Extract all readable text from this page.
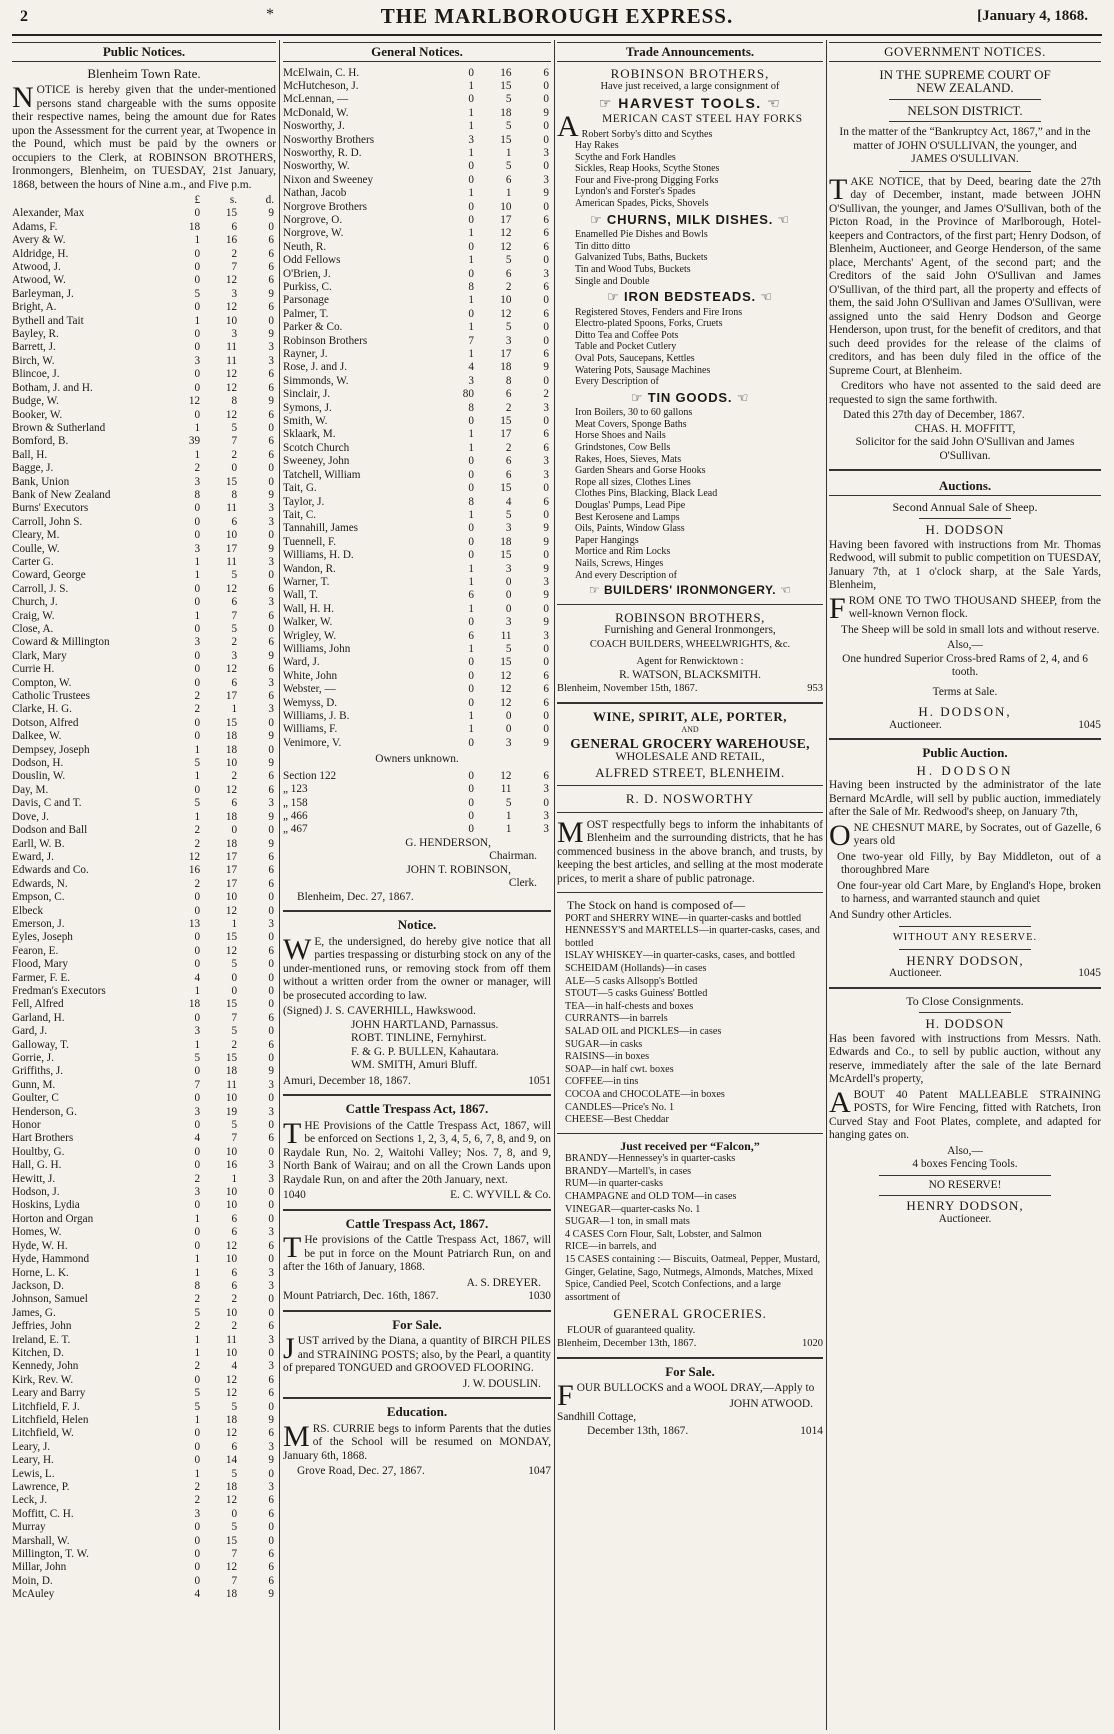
2	*	THE MARLBOROUGH EXPRESS.	[January 4, 1868.
Public Notices.
Blenheim Town Rate.
NOTICE is hereby given that the under-mentioned persons stand chargeable with the sums opposite their respective names, being the amount due for Rates upon the Assessment for the current year, at Twopence in the Pound, which must be paid by the owners or occupiers to the Clerk, at ROBINSON BROTHERS, Ironmongers, Blenheim, on TUESDAY, 21st January, 1868, between the hours of Nine a.m., and Five p.m.
	£	s.	d.
Alexander, Max	0	15	9
Adams, F.	18	6	0
Avery & W.	1	16	6
Aldridge, H.	0	2	6
Atwood, J.	0	7	6
Atwood, W.	0	12	6
Barleyman, J.	5	3	9
Bright, A.	0	12	6
Bythell and Tait	1	10	0
Bayley, R.	0	3	9
Barrett, J.	0	11	3
Birch, W.	3	11	3
Blincoe, J.	0	12	6
Botham, J. and H.	0	12	6
Budge, W.	12	8	9
Booker, W.	0	12	6
Brown & Sutherland	1	5	0
Bomford, B.	39	7	6
Ball, H.	1	2	6
Bagge, J.	2	0	0
Bank, Union	3	15	0
Bank of New Zealand	8	8	9
Burns' Executors	0	11	3
Carroll, John S.	0	6	3
Cleary, M.	0	10	0
Coulle, W.	3	17	9
Carter G.	1	11	3
Coward, George	1	5	0
Carroll, J. S.	0	12	6
Church, J.	0	6	3
Craig, W.	1	7	6
Close, A.	0	5	0
Coward & Millington	3	2	6
Clark, Mary	0	3	9
Currie H.	0	12	6
Compton, W.	0	6	3
Catholic Trustees	2	17	6
Clarke, H. G.	2	1	3
Dotson, Alfred	0	15	0
Dalkee, W.	0	18	9
Dempsey, Joseph	1	18	0
Dodson, H.	5	10	9
Douslin, W.	1	2	6
Day, M.	0	12	6
Davis, C and T.	5	6	3
Dove, J.	1	18	9
Dodson and Ball	2	0	0
Earll, W. B.	2	18	9
Eward, J.	12	17	6
Edwards and Co.	16	17	6
Edwards, N.	2	17	6
Empson, C.	0	10	0
Elbeck	0	12	0
Emerson, J.	13	1	3
Eyles, Joseph	0	15	0
Fearon, E.	0	12	6
Flood, Mary	0	5	0
Farmer, F. E.	4	0	0
Fredman's Executors	1	0	0
Fell, Alfred	18	15	0
Garland, H.	0	7	6
Gard, J.	3	5	0
Galloway, T.	1	2	6
Gorrie, J.	5	15	0
Griffiths, J.	0	18	9
Gunn, M.	7	11	3
Goulter, C	0	10	0
Henderson, G.	3	19	3
Honor	0	5	0
Hart Brothers	4	7	6
Houltby, G.	0	10	0
Hall, G. H.	0	16	3
Hewitt, J.	2	1	3
Hodson, J.	3	10	0
Hoskins, Lydia	0	10	0
Horton and Organ	1	6	0
Homes, W.	0	6	3
Hyde, W. H.	0	12	6
Hyde, Hammond	1	10	0
Horne, L. K.	1	6	3
Jackson, D.	8	6	3
Johnson, Samuel	2	2	0
James, G.	5	10	0
Jeffries, John	2	2	6
Ireland, E. T.	1	11	3
Kitchen, D.	1	10	0
Kennedy, John	2	4	3
Kirk, Rev. W.	0	12	6
Leary and Barry	5	12	6
Litchfield, F. J.	5	5	0
Litchfield, Helen	1	18	9
Litchfield, W.	0	12	6
Leary, J.	0	6	3
Leary, H.	0	14	9
Lewis, L.	1	5	0
Lawrence, P.	2	18	3
Leck, J.	2	12	6
Moffitt, C. H.	3	0	6
Murray	0	5	0
Marshall, W.	0	15	0
Millington, T. W.	0	7	6
Millar, John	0	12	6
Moin, D.	0	7	6
McAuley	4	18	9
General Notices.
McElwain, C. H.	0	16	6
McHutcheson, J.	1	15	0
McLennan, —	0	5	0
McDonald, W.	1	18	9
Nosworthy, J.	1	5	0
Nosworthy Brothers	3	15	0
Nosworthy, R. D.	1	1	3
Nosworthy, W.	0	5	0
Nixon and Sweeney	0	6	3
Nathan, Jacob	1	1	9
Norgrove Brothers	0	10	0
Norgrove, O.	0	17	6
Norgrove, W.	1	12	6
Neuth, R.	0	12	6
Odd Fellows	1	5	0
O'Brien, J.	0	6	3
Purkiss, C.	8	2	6
Parsonage	1	10	0
Palmer, T.	0	12	6
Parker & Co.	1	5	0
Robinson Brothers	7	3	0
Rayner, J.	1	17	6
Rose, J. and J.	4	18	9
Simmonds, W.	3	8	0
Sinclair, J.	80	6	2
Symons, J.	8	2	3
Smith, W.	0	15	0
Sklaark, M.	1	17	6
Scotch Church	1	2	6
Sweeney, John	0	6	3
Tatchell, William	0	6	3
Tait, G.	0	15	0
Taylor, J.	8	4	6
Tait, C.	1	5	0
Tannahill, James	0	3	9
Tuennell, F.	0	18	9
Williams, H. D.	0	15	0
Wandon, R.	1	3	9
Warner, T.	1	0	3
Wall, T.	6	0	9
Wall, H. H.	1	0	0
Walker, W.	0	3	9
Wrigley, W.	6	11	3
Williams, John	1	5	0
Ward, J.	0	15	0
White, John	0	12	6
Webster, —	0	12	6
Wemyss, D.	0	12	6
Williams, J. B.	1	0	0
Williams, F.	1	0	0
Venimore, V.	0	3	9
Owners unknown.
Section 122	0	12	6
„ 123	0	11	3
„ 158	0	5	0
„ 466	0	1	3
„ 467	0	1	3
G. HENDERSON,
Chairman.
JOHN T. ROBINSON,
Clerk.
Blenheim, Dec. 27, 1867.
Notice.
W E, the undersigned, do hereby give notice that all parties trespassing or disturbing stock on any of the under-mentioned runs, or removing stock from off them without a written order from the owner or manager, will be prosecuted according to law.
(Signed) J. S. CAVERHILL, Hawkswood.
JOHN HARTLAND, Parnassus.
ROBT. TINLINE, Fernyhirst.
F. & G. P. BULLEN, Kahautara.
WM. SMITH, Amuri Bluff.
Amuri, December 18, 1867.	1051
Cattle Trespass Act, 1867.
THE Provisions of the Cattle Trespass Act, 1867, will be enforced on Sections 1, 2, 3, 4, 5, 6, 7, 8, and 9, on Raydale Run, No. 2, Waitohi Valley; Nos. 7, 8, and 9, North Bank of Wairau; and on all the Crown Lands upon Raydale Run, on and after the 20th January, next.
1040	E. C. WYVILL & Co.
Cattle Trespass Act, 1867.
T He provisions of the Cattle Trespass Act, 1867, will be put in force on the Mount Patriarch Run, on and after the 16th of January, 1868.
A. S. DREYER.
Mount Patriarch, Dec. 16th, 1867.	1030
For Sale.
JUST arrived by the Diana, a quantity of BIRCH PILES and STRAINING POSTS; also, by the Pearl, a quantity of prepared TONGUED and GROOVED FLOORING.
J. W. DOUSLIN.
Education.
MRS. CURRIE begs to inform Parents that the duties of the School will be resumed on MONDAY, January 6th, 1868.
Grove Road, Dec. 27, 1867.	1047
Trade Announcements.
ROBINSON BROTHERS,
Have just received, a large consignment of
☞ HARVEST TOOLS. ☜
A MERICAN CAST STEEL HAY FORKS
Robert Sorby's ditto and Scythes
Hay Rakes
Scythe and Fork Handles
Sickles, Reap Hooks, Scythe Stones
Four and Five-prong Digging Forks
Lyndon's and Forster's Spades
American Spades, Picks, Shovels
☞ CHURNS, MILK DISHES. ☜
Enamelled Pie Dishes and Bowls
Tin ditto ditto
Galvanized Tubs, Baths, Buckets
Tin and Wood Tubs, Buckets
Single and Double
☞ IRON BEDSTEADS. ☜
Registered Stoves, Fenders and Fire Irons
Electro-plated Spoons, Forks, Cruets
Ditto Tea and Coffee Pots
Table and Pocket Cutlery
Oval Pots, Saucepans, Kettles
Watering Pots, Sausage Machines
Every Description of
☞ TIN GOODS. ☜
Iron Boilers, 30 to 60 gallons
Meat Covers, Sponge Baths
Horse Shoes and Nails
Grindstones, Cow Bells
Rakes, Hoes, Sieves, Mats
Garden Shears and Gorse Hooks
Rope all sizes, Clothes Lines
Clothes Pins, Blacking, Black Lead
Douglas' Pumps, Lead Pipe
Best Kerosene and Lamps
Oils, Paints, Window Glass
Paper Hangings
Mortice and Rim Locks
Nails, Screws, Hinges
And every Description of
☞ BUILDERS' IRONMONGERY. ☜
ROBINSON BROTHERS,
Furnishing and General Ironmongers,
COACH BUILDERS, WHEELWRIGHTS, &c.
Agent for Renwicktown :
R. WATSON, BLACKSMITH.
Blenheim, November 15th, 1867.	953
WINE, SPIRIT, ALE, PORTER,
AND
GENERAL GROCERY WAREHOUSE,
WHOLESALE AND RETAIL,
ALFRED STREET, BLENHEIM.
R. D. NOSWORTHY
MOST respectfully begs to inform the inhabitants of Blenheim and the surrounding districts, that he has commenced business in the above branch, and trusts, by keeping the best articles, and selling at the most moderate prices, to merit a share of public patronage.
The Stock on hand is composed of—
PORT and SHERRY WINE—in quarter-casks and bottled
HENNESSY'S and MARTELLS—in quarter-casks, cases, and bottled
ISLAY WHISKEY—in quarter-casks, cases, and bottled
SCHEIDAM (Hollands)—in cases
ALE—5 casks Allsopp's Bottled
STOUT—5 casks Guiness' Bottled
TEA—in half-chests and boxes
CURRANTS—in barrels
SALAD OIL and PICKLES—in cases
SUGAR—in casks
RAISINS—in boxes
SOAP—in half cwt. boxes
COFFEE—in tins
COCOA and CHOCOLATE—in boxes
CANDLES—Price's No. 1
CHEESE—Best Cheddar
Just received per “Falcon,”
BRANDY—Hennessey's in quarter-casks
BRANDY—Martell's, in cases
RUM—in quarter-casks
CHAMPAGNE and OLD TOM—in cases
VINEGAR—quarter-casks No. 1
SUGAR—1 ton, in small mats
4 CASES Corn Flour, Salt, Lobster, and Salmon
RICE—in barrels, and
15 CASES containing :— Biscuits, Oatmeal, Pepper, Mustard, Ginger, Gelatine, Sago, Nutmegs, Almonds, Matches, Mixed Spice, Candied Peel, Scotch Confections, and a large assortment of
GENERAL GROCERIES.
FLOUR of guaranteed quality.
Blenheim, December 13th, 1867.	1020
For Sale.
FOUR BULLOCKS and a WOOL DRAY,—Apply to
JOHN ATWOOD.
Sandhill Cottage,
December 13th, 1867.	1014
GOVERNMENT NOTICES.
IN THE SUPREME COURT OF
NEW ZEALAND.
NELSON DISTRICT.
In the matter of the “Bankruptcy Act, 1867,” and in the matter of JOHN O'SULLIVAN, the younger, and JAMES O'SULLIVAN.
TAKE NOTICE, that by Deed, bearing date the 27th day of December, instant, made between JOHN O'Sullivan, the younger, and James O'Sullivan, both of the Picton Road, in the Province of Marlborough, Hotel-keepers and Contractors, of the first part; Henry Dodson, of Blenheim, Auctioneer, and George Henderson, of the same place, Merchants' Agent, of the second part; and the Creditors of the said John O'Sullivan and James O'Sullivan, of the third part, all the property and effects of them, the said John O'Sullivan and James O'Sullivan, were assigned unto the said Henry Dodson and George Henderson, upon trust, for the benefit of creditors, and that such deed provides for the release of the claims of creditors, and has been duly filed in the office of the Supreme Court, at Blenheim.
Creditors who have not assented to the said deed are requested to sign the same forthwith.
Dated this 27th day of December, 1867.
CHAS. H. MOFFITT,
Solicitor for the said John O'Sullivan and James O'Sullivan.
Auctions.
Second Annual Sale of Sheep.
H. DODSON
Having been favored with instructions from Mr. Thomas Redwood, will submit to public competition on TUESDAY, January 7th, at 1 o'clock sharp, at the Sale Yards, Blenheim,
FROM ONE TO TWO THOUSAND SHEEP, from the well-known Vernon flock.
The Sheep will be sold in small lots and without reserve.
Also,—
One hundred Superior Cross-bred Rams of 2, 4, and 6 tooth.
Terms at Sale.
H. DODSON,
Auctioneer.	1045
Public Auction.
H. DODSON
Having been instructed by the administrator of the late Bernard McArdle, will sell by public auction, immediately after the Sale of Mr. Redwood's sheep, on January 7th,
ONE CHESNUT MARE, by Socrates, out of Gazelle, 6 years old
One two-year old Filly, by Bay Middleton, out of a thoroughbred Mare
One four-year old Cart Mare, by England's Hope, broken to harness, and warranted staunch and quiet
And Sundry other Articles.
WITHOUT ANY RESERVE.
HENRY DODSON,
Auctioneer.	1045
To Close Consignments.
H. DODSON
Has been favored with instructions from Messrs. Nath. Edwards and Co., to sell by public auction, without any reserve, immediately after the sale of the late Bernard McArdell's property,
ABOUT 40 Patent MALLEABLE STRAINING POSTS, for Wire Fencing, fitted with Ratchets, Iron Curved Stay and Foot Plates, complete, and adapted for hanging gates on.
Also,—
4 boxes Fencing Tools.
NO RESERVE!
HENRY DODSON,
Auctioneer.
